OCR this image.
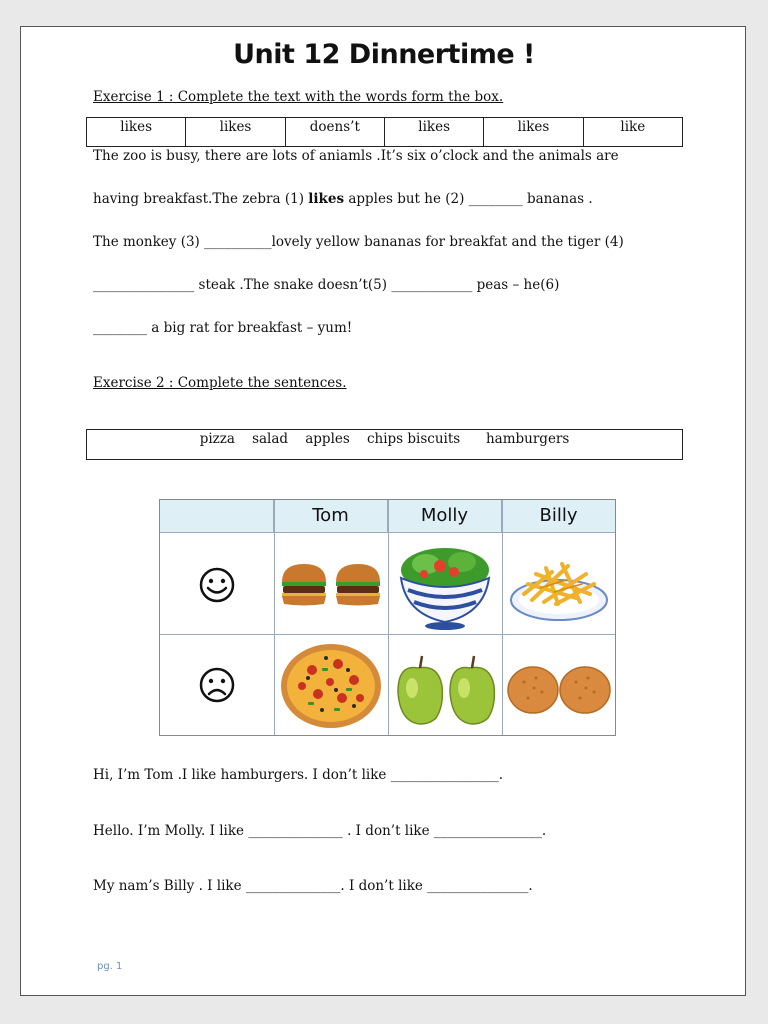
Unit 12 Dinnertime !
Exercise 1 : Complete the text with the words form the box.
likes	likes	doens’t	likes	likes	like
The zoo is busy, there are lots of aniamls .It’s six o’clock and the animals are
having breakfast.The zebra (1) likes apples but he (2) ________ bananas .
The monkey (3) __________lovely yellow bananas for breakfat and the tiger (4)
_______________ steak .The snake doesn’t(5) ____________ peas – he(6)
________ a big rat for breakfast – yum!
Exercise 2 : Complete the sentences.
pizza    salad    apples    chips biscuits      hamburgers
Tom	Molly	Billy
Hi, I’m Tom .I like hamburgers. I don’t like ________________.
Hello. I’m Molly. I like ______________ . I don’t like ________________.
My nam’s Billy . I like ______________. I don’t like _______________.
pg. 1
